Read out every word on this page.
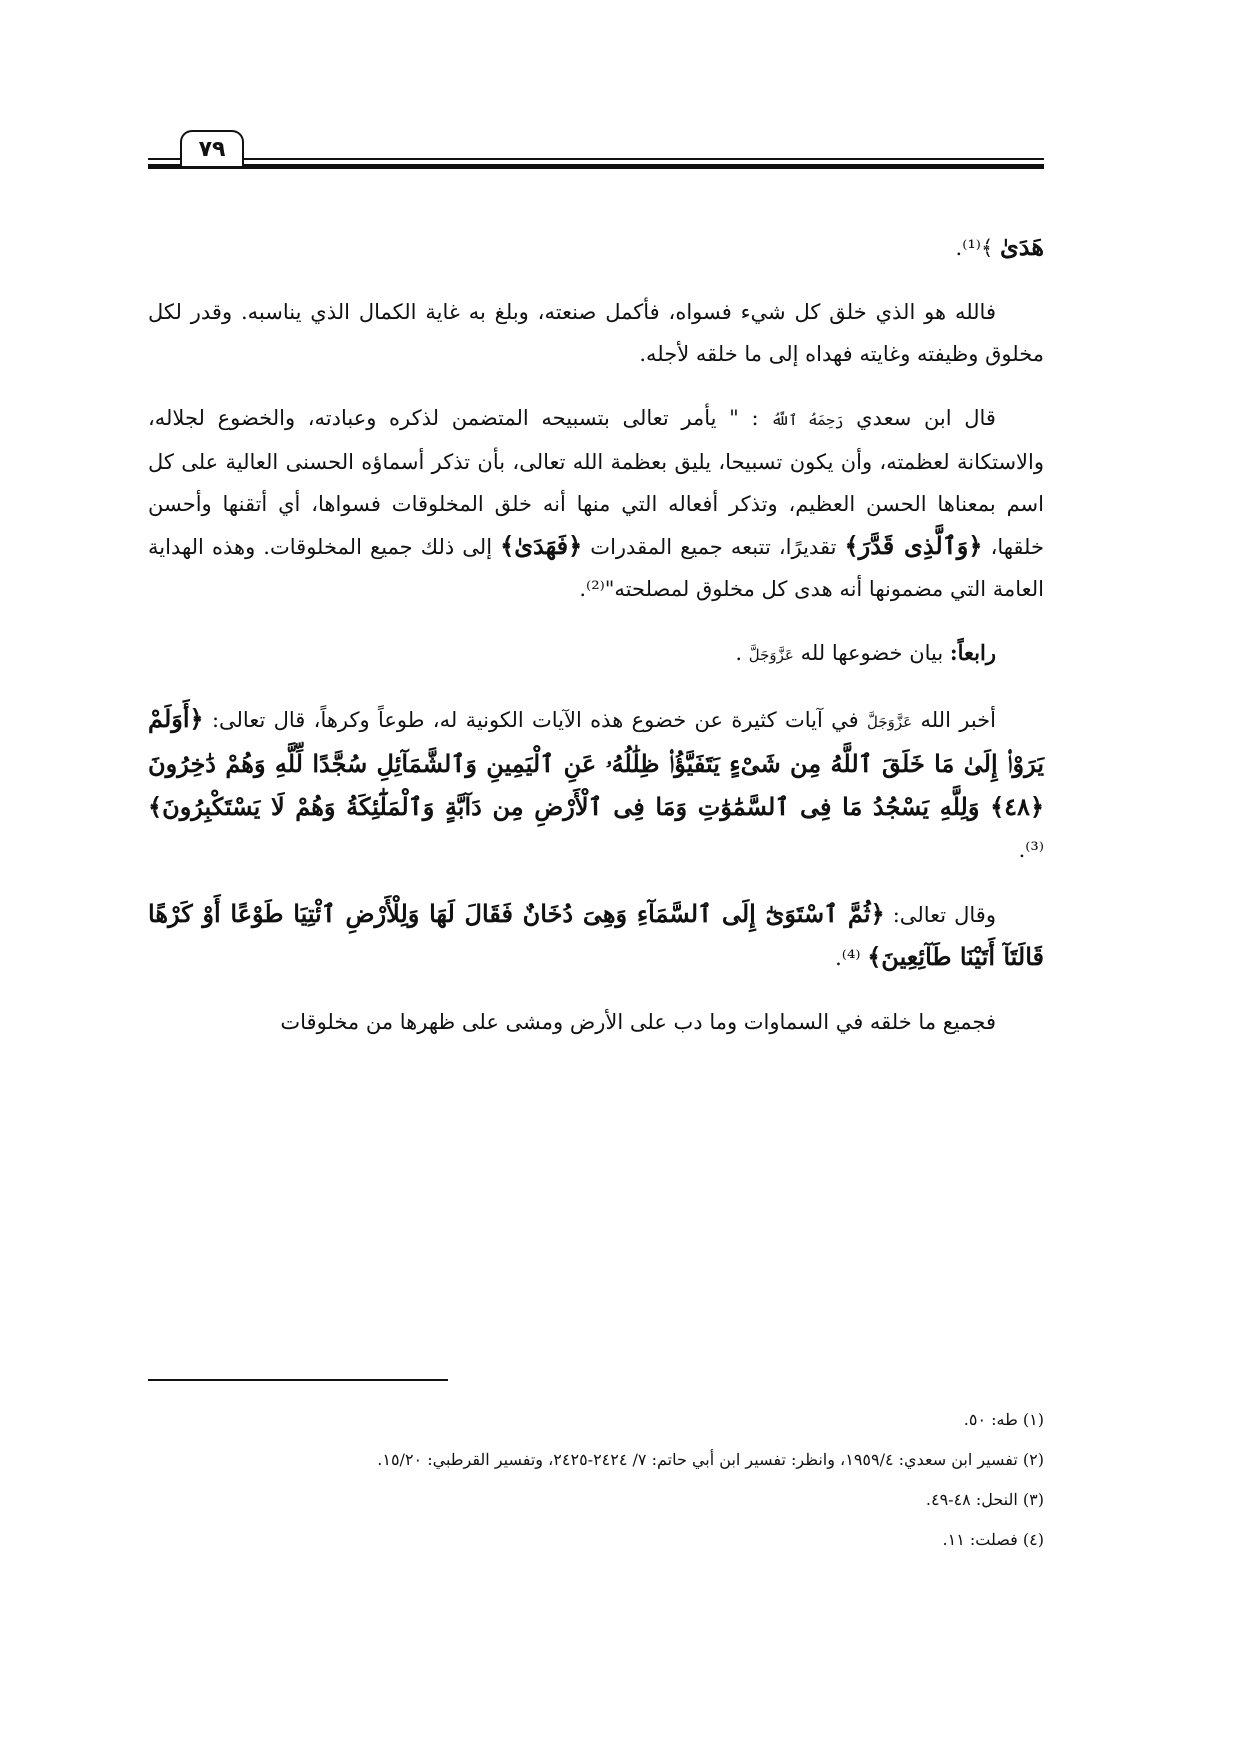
٧٩

هَدَىٰ ﴾⁽¹⁾.

فالله هو الذي خلق كل شيء فسواه، فأكمل صنعته، وبلغ به غاية الكمال الذي يناسبه. وقدر لكل مخلوق وظيفته وغايته فهداه إلى ما خلقه لأجله.

قال ابن سعدي رَحِمَهُ ٱللَّهُ : " يأمر تعالى بتسبيحه المتضمن لذكره وعبادته، والخضوع لجلاله، والاستكانة لعظمته، وأن يكون تسبيحا، يليق بعظمة الله تعالى، بأن تذكر أسماؤه الحسنى العالية على كل اسم بمعناها الحسن العظيم، وتذكر أفعاله التي منها أنه خلق المخلوقات فسواها، أي أتقنها وأحسن خلقها، ﴿وَٱلَّذِى قَدَّرَ﴾ تقديرًا، تتبعه جميع المقدرات ﴿فَهَدَىٰ﴾ إلى ذلك جميع المخلوقات. وهذه الهداية العامة التي مضمونها أنه هدى كل مخلوق لمصلحته"⁽²⁾.

رابعاً: بيان خضوعها لله عَزَّوَجَلَّ .

أخبر الله عَزَّوَجَلَّ في آيات كثيرة عن خضوع هذه الآيات الكونية له، طوعاً وكرهاً، قال تعالى: ﴿أَوَلَمْ يَرَوْا۟ إِلَىٰ مَا خَلَقَ ٱللَّهُ مِن شَىْءٍ يَتَفَيَّؤُا۟ ظِلَٰلُهُۥ عَنِ ٱلْيَمِينِ وَٱلشَّمَآئِلِ سُجَّدًا لِّلَّهِ وَهُمْ دَٰخِرُونَ ﴿٤٨﴾ وَلِلَّهِ يَسْجُدُ مَا فِى ٱلسَّمَٰوَٰتِ وَمَا فِى ٱلْأَرْضِ مِن دَآبَّةٍ وَٱلْمَلَٰٓئِكَةُ وَهُمْ لَا يَسْتَكْبِرُونَ﴾ ⁽³⁾.

وقال تعالى: ﴿ثُمَّ ٱسْتَوَىٰٓ إِلَى ٱلسَّمَآءِ وَهِىَ دُخَانٌ فَقَالَ لَهَا وَلِلْأَرْضِ ٱئْتِيَا طَوْعًا أَوْ كَرْهًا قَالَتَآ أَتَيْنَا طَآئِعِينَ﴾ ⁽⁴⁾.

فجميع ما خلقه في السماوات وما دب على الأرض ومشى على ظهرها من مخلوقات

(١) طه: ٥٠.
(٢) تفسير ابن سعدي: ١٩٥٩/٤، وانظر: تفسير ابن أبي حاتم: ٧/ ٢٤٢٤-٢٤٢٥، وتفسير القرطبي: ١٥/٢٠.
(٣) النحل: ٤٨-٤٩.
(٤) فصلت: ١١.
